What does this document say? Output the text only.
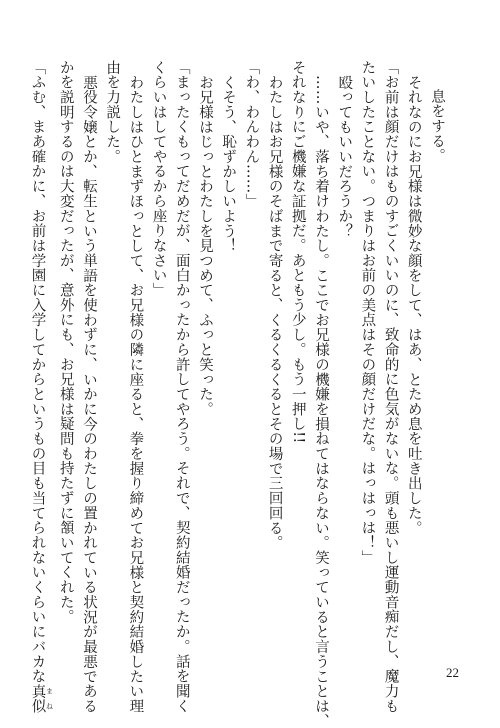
息をする。
それなのにお兄様は微妙な顔をして、はあ、とため息を吐き出した。
「お前は顔だけはものすごくいいのに、致命的に色気がないな。頭も悪いし運動音痴だし、魔力も
たいしたことない。つまりはお前の美点はその顔だけだな。はっはっは！」
殴ってもいいだろうか？
……いや、落ち着けわたし。ここでお兄様の機嫌を損ねてはならない。笑っていると言うことは、
それなりにご機嫌な証拠だ。あともう少し。もう一押し!!
わたしはお兄様のそばまで寄ると、くるくるくるとその場で三回回る。
「わ、わんわん……」
くそう、恥ずかしいよう！
お兄様はじっとわたしを見つめて、ふっと笑った。
「まったくもってだめだが、面白かったから許してやろう。それで、契約結婚だったか。話を聞く
くらいはしてやるから座りなさい」
わたしはひとまずほっとして、お兄様の隣に座ると、拳を握り締めてお兄様と契約結婚したい理
由を力説した。
悪役令嬢とか、転生という単語を使わずに、いかに今のわたしの置かれている状況が最悪である
かを説明するのは大変だったが、意外にも、お兄様は疑問も持たずに頷いてくれた。
「ふむ、まあ確かに、お前は学園に入学してからというもの目も当てられないくらいにバカな真似 まね
22
